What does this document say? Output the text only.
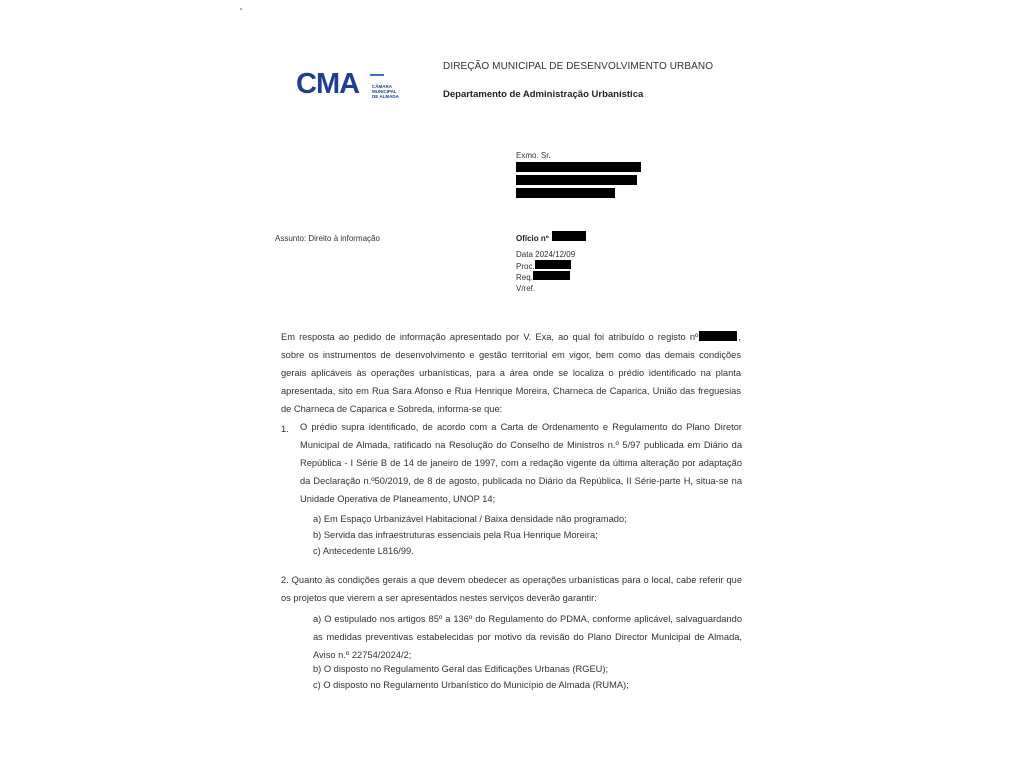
CMA	CÂMARA MUNICIPAL DE ALMADA
DIREÇÃO MUNICIPAL DE DESENVOLVIMENTO URBANO
Departamento de Administração Urbanística
Exmo. Sr.
Assunto: Direito à informação	Ofício nº
Data 2024/12/09
Proc.
Req.
V/ref.
Em resposta ao pedido de informação apresentado por V. Exa, ao qual foi atribuído o registo nº	, sobre os instrumentos de desenvolvimento e gestão territorial em vigor, bem como das demais condições gerais aplicáveis às operações urbanísticas, para a área onde se localiza o prédio identificado na planta apresentada, sito em Rua Sara Afonso e Rua Henrique Moreira, Charneca de Caparica, União das freguesias de Charneca de Caparica e Sobreda, informa-se que:
1. O prédio supra identificado, de acordo com a Carta de Ordenamento e Regulamento do Plano Diretor Municipal de Almada, ratificado na Resolução do Conselho de Ministros n.º 5/97 publicada em Diário da República - I Série B de 14 de janeiro de 1997, com a redação vigente da última alteração por adaptação da Declaração n.º50/2019, de 8 de agosto, publicada no Diário da República, II Série-parte H, situa-se na Unidade Operativa de Planeamento, UNOP 14;
a) Em Espaço Urbanizável Habitacional / Baixa densidade não programado;
b) Servida das infraestruturas essenciais pela Rua Henrique Moreira;
c) Antecedente L816/99.
2. Quanto às condições gerais a que devem obedecer as operações urbanísticas para o local, cabe referir que os projetos que vierem a ser apresentados nestes serviços deverão garantir:
a) O estipulado nos artigos 85º a 136º do Regulamento do PDMA, conforme aplicável, salvaguardando as medidas preventivas estabelecidas por motivo da revisão do Plano Director Municipal de Almada, Aviso n.º 22754/2024/2;
b) O disposto no Regulamento Geral das Edificações Urbanas (RGEU);
c) O disposto no Regulamento Urbanístico do Município de Almada (RUMA);
